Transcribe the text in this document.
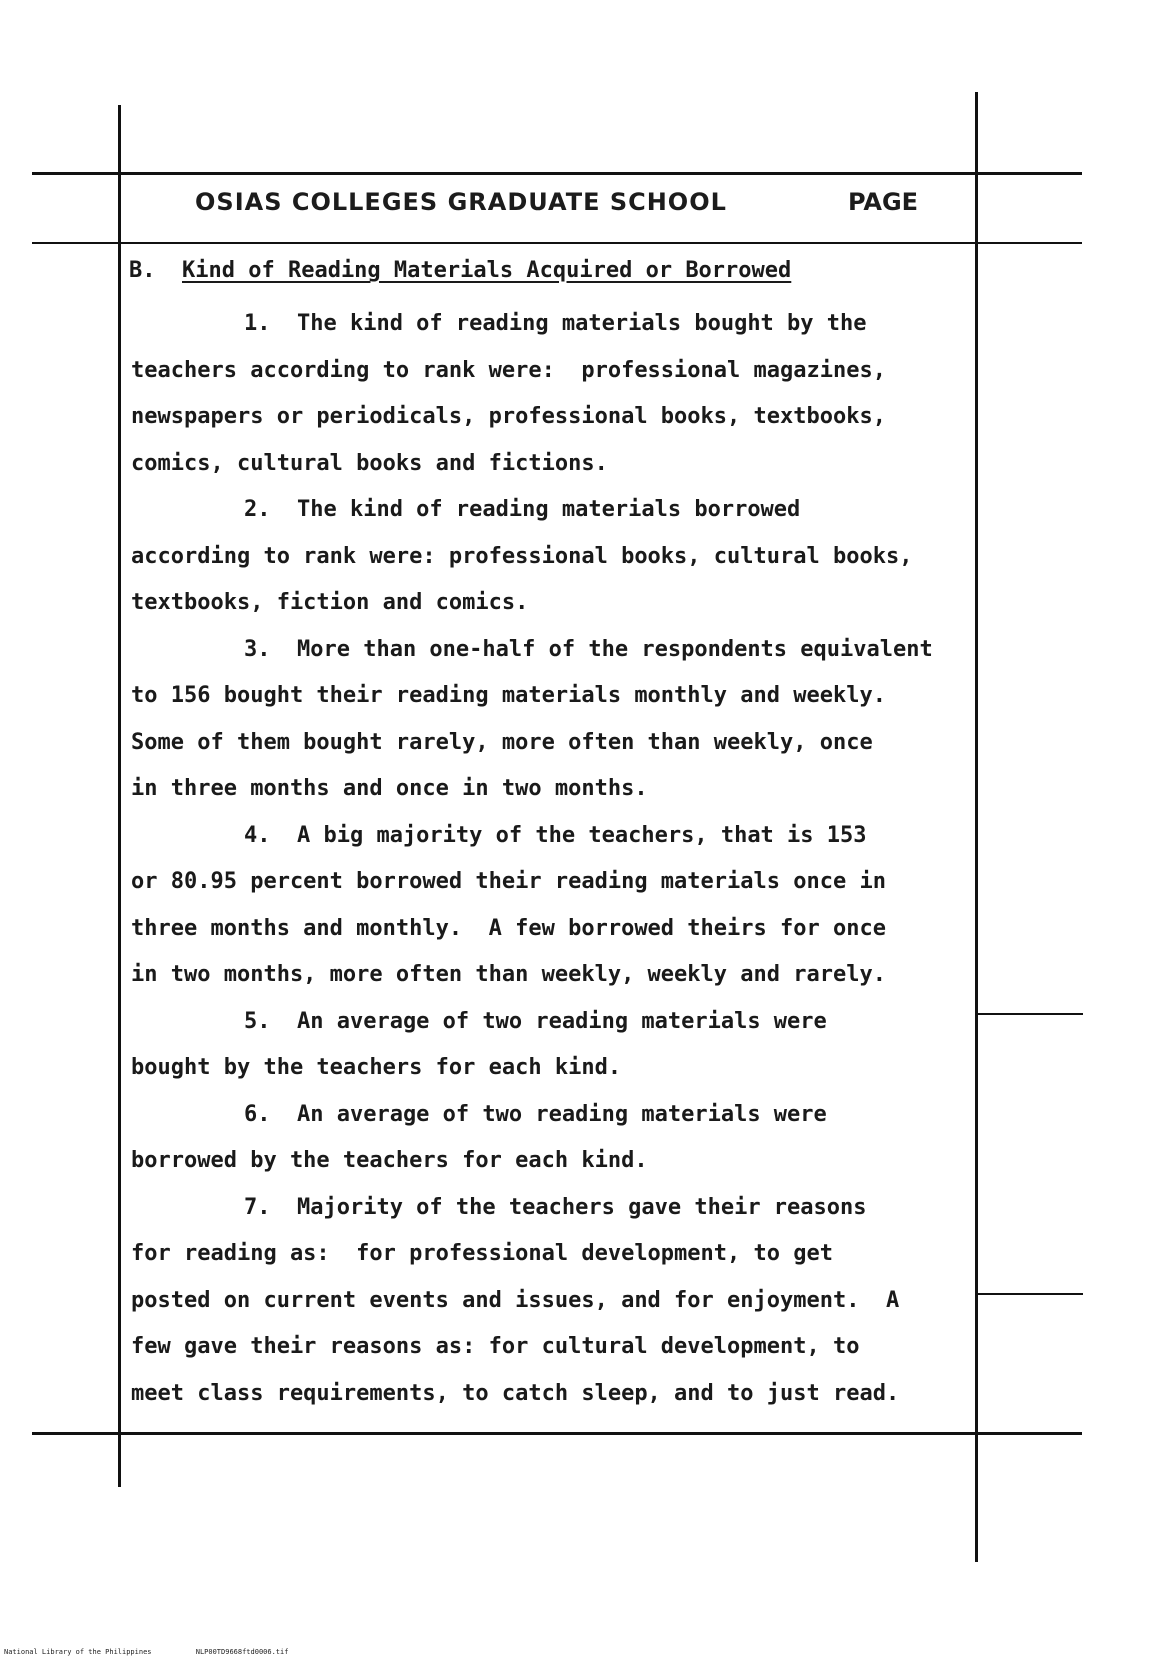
OSIAS COLLEGES GRADUATE SCHOOL	PAGE
B. Kind of Reading Materials Acquired or Borrowed
1.  The kind of reading materials bought by the
teachers according to rank were:  professional magazines,
newspapers or periodicals, professional books, textbooks,
comics, cultural books and fictions.
2.  The kind of reading materials borrowed
according to rank were: professional books, cultural books,
textbooks, fiction and comics.
3.  More than one-half of the respondents equivalent
to 156 bought their reading materials monthly and weekly.
Some of them bought rarely, more often than weekly, once
in three months and once in two months.
4.  A big majority of the teachers, that is 153
or 80.95 percent borrowed their reading materials once in
three months and monthly.  A few borrowed theirs for once
in two months, more often than weekly, weekly and rarely.
5.  An average of two reading materials were
bought by the teachers for each kind.
6.  An average of two reading materials were
borrowed by the teachers for each kind.
7.  Majority of the teachers gave their reasons
for reading as:  for professional development, to get
posted on current events and issues, and for enjoyment.  A
few gave their reasons as: for cultural development, to
meet class requirements, to catch sleep, and to just read.
National Library of the Philippines	NLP00TD9668ftd0006.tif
